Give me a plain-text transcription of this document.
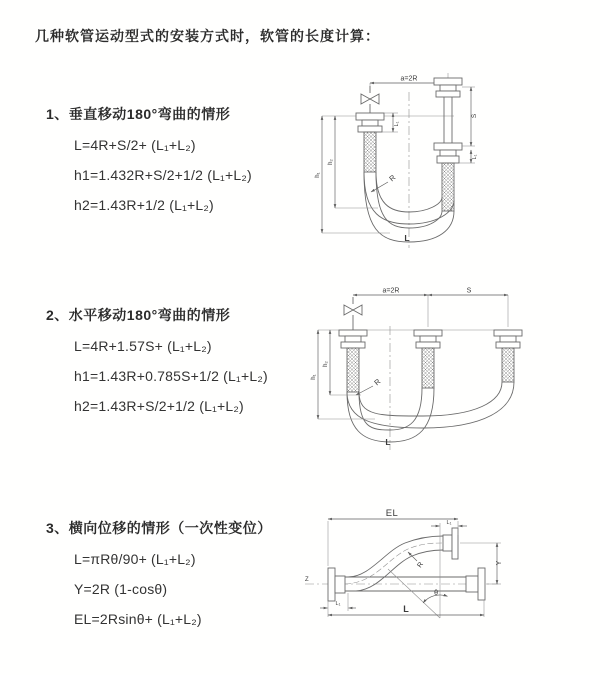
几种软管运动型式的安装方式时，软管的长度计算：
1、垂直移动180°弯曲的情形
L=4R+S/2+ (L₁+L₂)
h1=1.432R+S/2+1/2 (L₁+L₂)
h2=1.43R+1/2 (L₁+L₂)
2、水平移动180°弯曲的情形
L=4R+1.57S+ (L₁+L₂)
h1=1.43R+0.785S+1/2 (L₁+L₂)
h2=1.43R+S/2+1/2 (L₁+L₂)
3、横向位移的情形（一次性变位）
L=πRθ/90+ (L₁+L₂)
Y=2R (1-cosθ)
EL=2Rsinθ+ (L₁+L₂)
a=2R
h₁
h₂
L₁
S
L₁
R
L
a=2R	S
h₁
h₂
R
L
Z
θ
R
EL
L₁
Y
L
L₁
